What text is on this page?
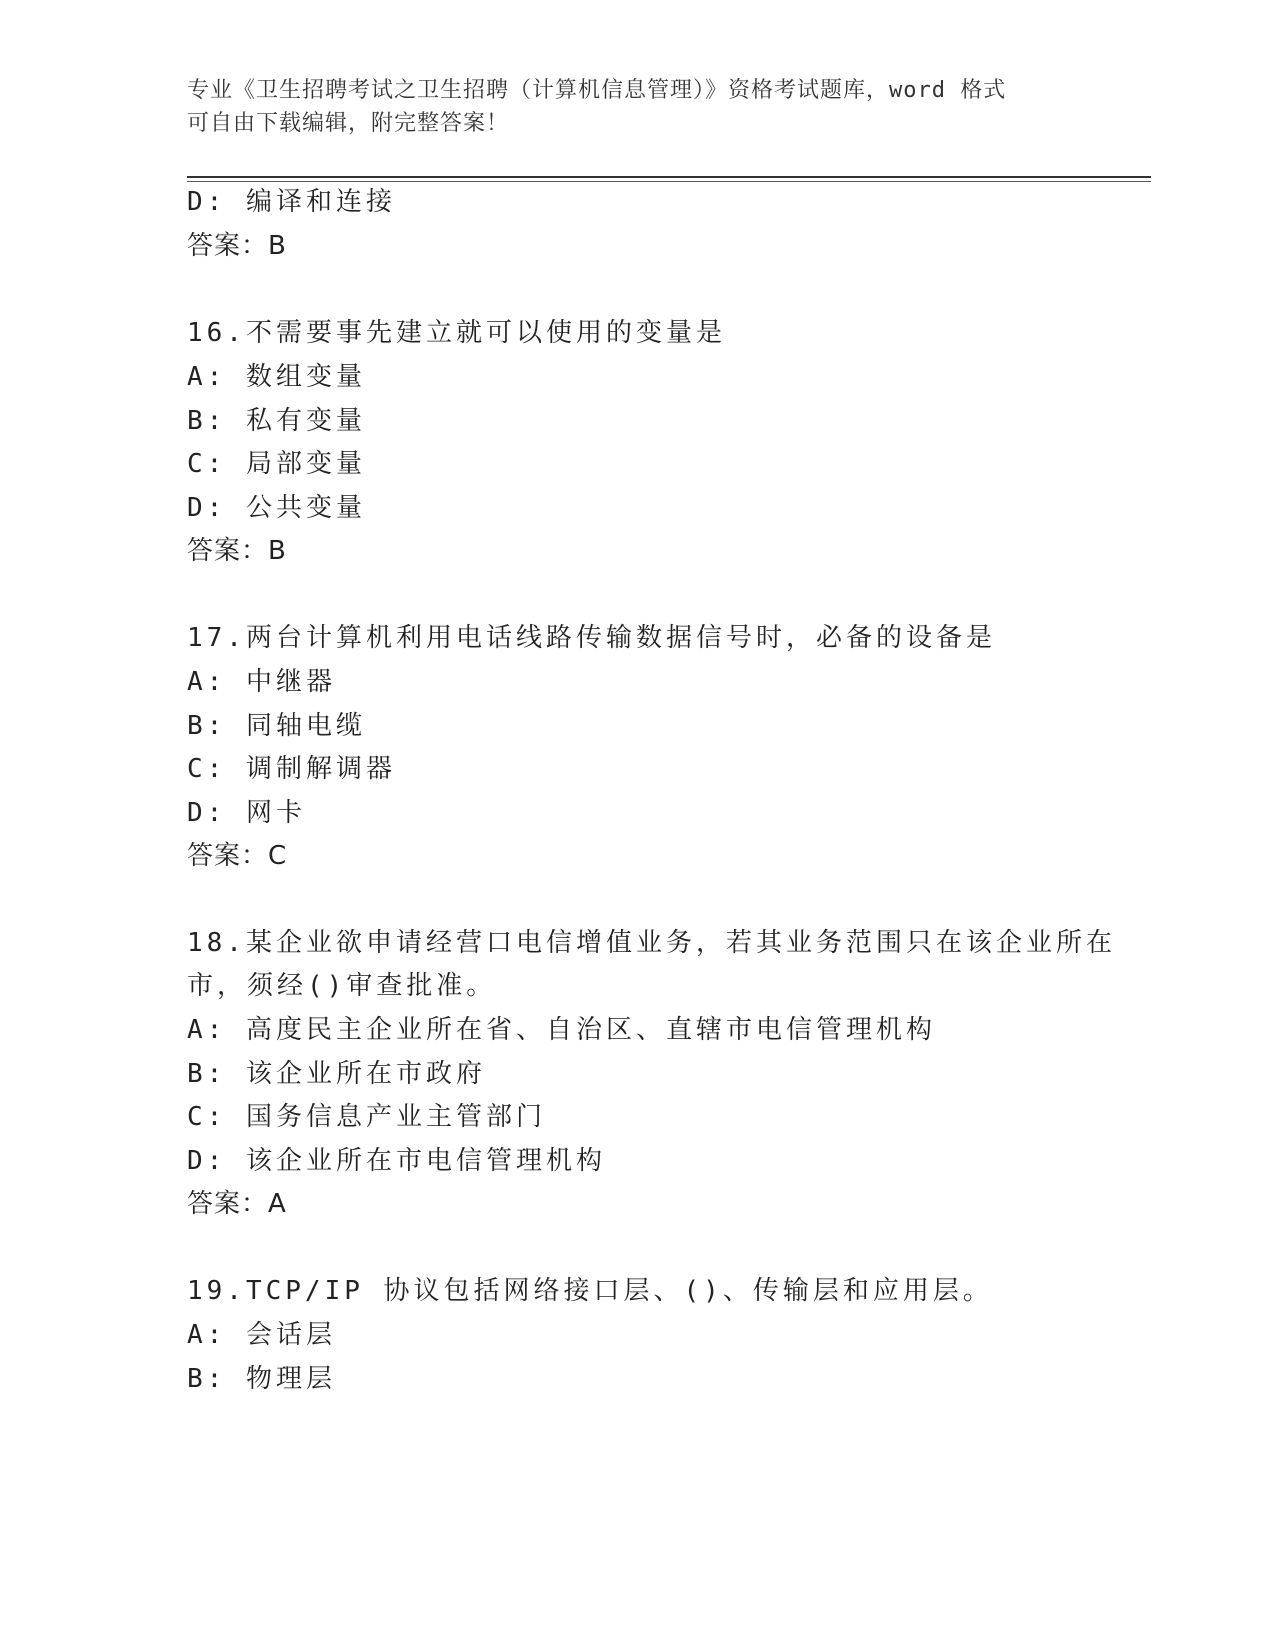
专业《卫生招聘考试之卫生招聘（计算机信息管理）》资格考试题库，word 格式
可自由下载编辑，附完整答案！
D: 编译和连接
答案：B
16.不需要事先建立就可以使用的变量是
A: 数组变量
B: 私有变量
C: 局部变量
D: 公共变量
答案：B
17.两台计算机利用电话线路传输数据信号时，必备的设备是
A: 中继器
B: 同轴电缆
C: 调制解调器
D: 网卡
答案：C
18.某企业欲申请经营口电信增值业务，若其业务范围只在该企业所在
市，须经()审查批准。
A: 高度民主企业所在省、自治区、直辖市电信管理机构
B: 该企业所在市政府
C: 国务信息产业主管部门
D: 该企业所在市电信管理机构
答案：A
19.TCP/IP 协议包括网络接口层、()、传输层和应用层。
A: 会话层
B: 物理层
